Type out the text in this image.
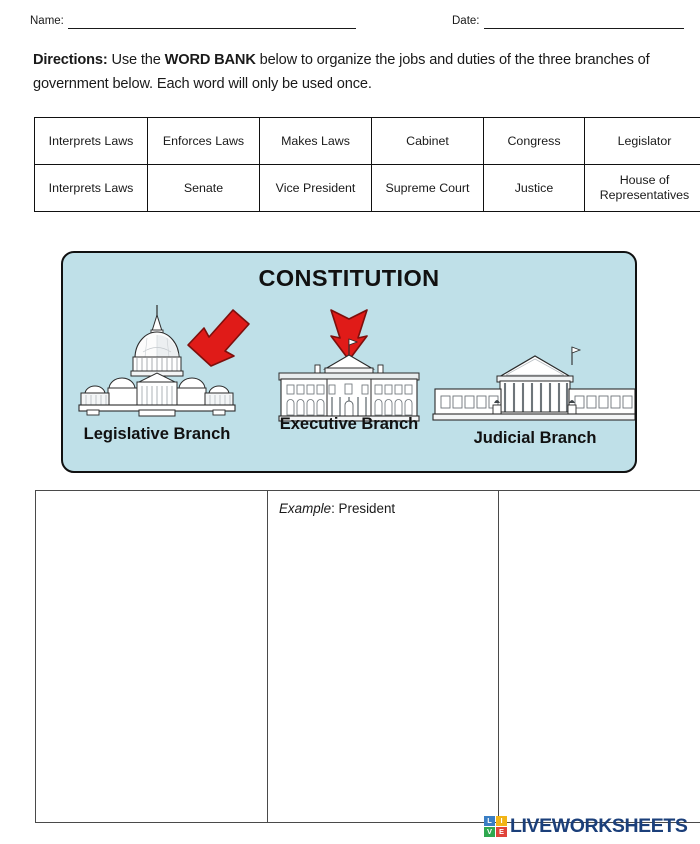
Name:	Date:
Directions: Use the WORD BANK below to organize the jobs and duties of the three branches of government below. Each word will only be used once.
Interprets Laws	Enforces Laws	Makes Laws	Cabinet	Congress	Legislator
Interprets Laws	Senate	Vice President	Supreme Court	Justice	House of Representatives
CONSTITUTION
Legislative Branch
Executive Branch
Judicial Branch
	Example: President	
L	I
V E LIVEWORKSHEETS
